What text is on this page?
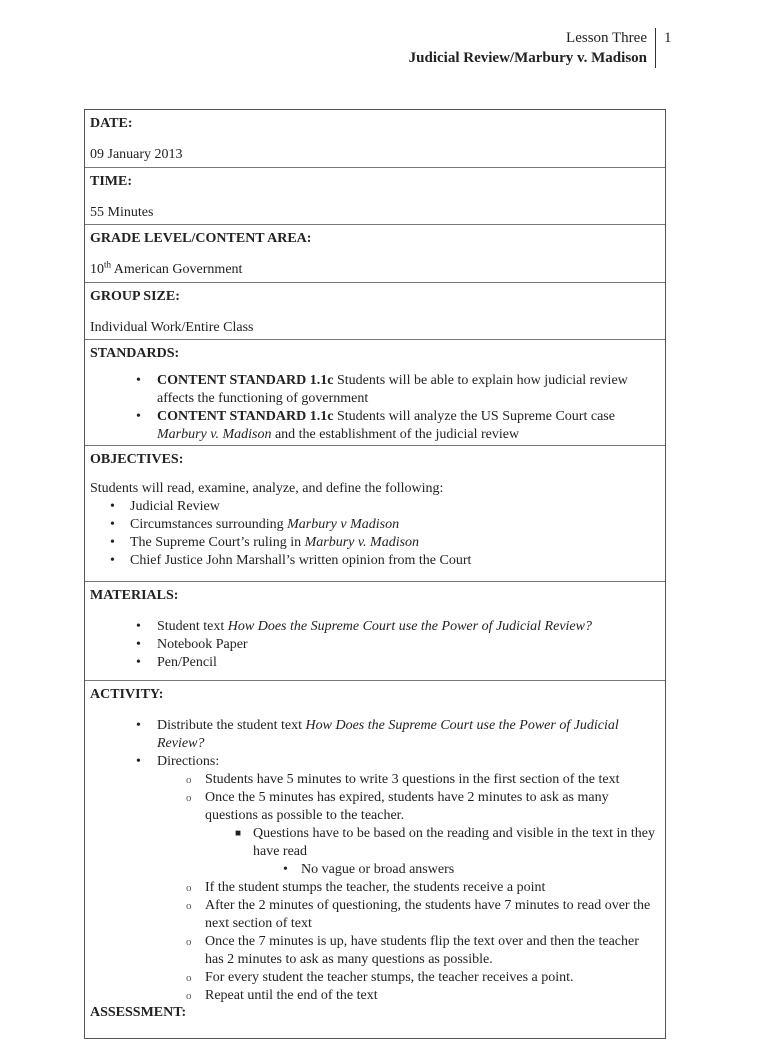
Lesson Three
Judicial Review/Marbury v. Madison
1
DATE:
09 January 2013
TIME:
55 Minutes
GRADE LEVEL/CONTENT AREA:
10th American Government
GROUP SIZE:
Individual Work/Entire Class
STANDARDS:
• CONTENT STANDARD 1.1c Students will be able to explain how judicial review affects the functioning of government
• CONTENT STANDARD 1.1c Students will analyze the US Supreme Court case Marbury v. Madison and the establishment of the judicial review
OBJECTIVES:
Students will read, examine, analyze, and define the following:
• Judicial Review
• Circumstances surrounding Marbury v Madison
• The Supreme Court’s ruling in Marbury v. Madison
• Chief Justice John Marshall’s written opinion from the Court
MATERIALS:
• Student text How Does the Supreme Court use the Power of Judicial Review?
• Notebook Paper
• Pen/Pencil
ACTIVITY:
• Distribute the student text How Does the Supreme Court use the Power of Judicial Review?
• Directions:
o Students have 5 minutes to write 3 questions in the first section of the text
o Once the 5 minutes has expired, students have 2 minutes to ask as many questions as possible to the teacher.
■ Questions have to be based on the reading and visible in the text in they have read
• No vague or broad answers
o If the student stumps the teacher, the students receive a point
o After the 2 minutes of questioning, the students have 7 minutes to read over the next section of text
o Once the 7 minutes is up, have students flip the text over and then the teacher has 2 minutes to ask as many questions as possible.
o For every student the teacher stumps, the teacher receives a point.
o Repeat until the end of the text
ASSESSMENT:
